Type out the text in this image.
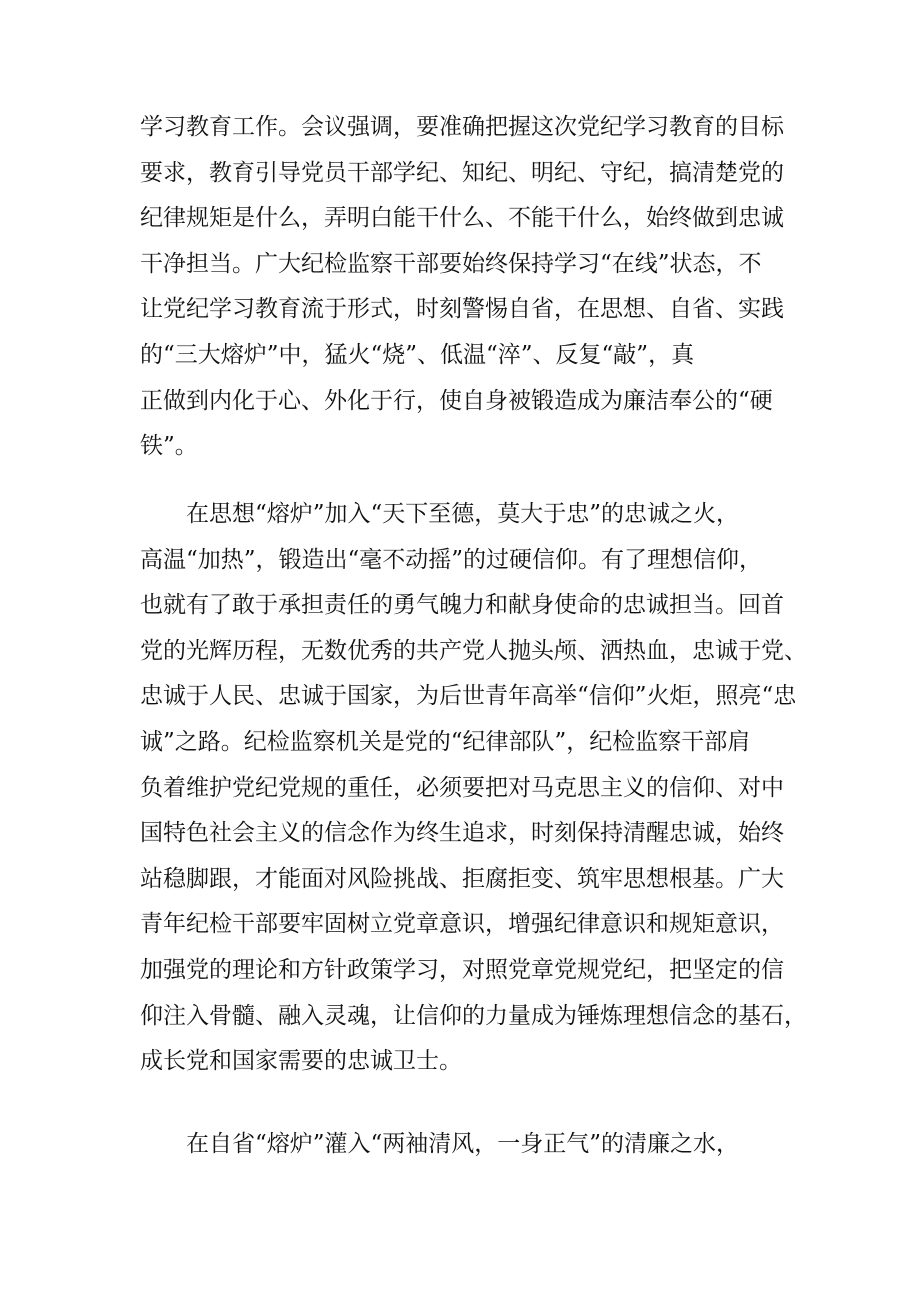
学习教育工作。会议强调，要准确把握这次党纪学习教育的目标
要求，教育引导党员干部学纪、知纪、明纪、守纪，搞清楚党的
纪律规矩是什么，弄明白能干什么、不能干什么，始终做到忠诚
干净担当。广大纪检监察干部要始终保持学习“在线”状态，不
让党纪学习教育流于形式，时刻警惕自省，在思想、自省、实践
的“三大熔炉”中，猛火“烧”、低温“淬”、反复“敲”，真
正做到内化于心、外化于行，使自身被锻造成为廉洁奉公的“硬
铁”。
在思想“熔炉”加入“天下至德，莫大于忠”的忠诚之火，
高温“加热”，锻造出“毫不动摇”的过硬信仰。有了理想信仰，
也就有了敢于承担责任的勇气魄力和献身使命的忠诚担当。回首
党的光辉历程，无数优秀的共产党人抛头颅、洒热血，忠诚于党、
忠诚于人民、忠诚于国家，为后世青年高举“信仰”火炬，照亮“忠
诚”之路。纪检监察机关是党的“纪律部队”，纪检监察干部肩
负着维护党纪党规的重任，必须要把对马克思主义的信仰、对中
国特色社会主义的信念作为终生追求，时刻保持清醒忠诚，始终
站稳脚跟，才能面对风险挑战、拒腐拒变、筑牢思想根基。广大
青年纪检干部要牢固树立党章意识，增强纪律意识和规矩意识，
加强党的理论和方针政策学习，对照党章党规党纪，把坚定的信
仰注入骨髓、融入灵魂，让信仰的力量成为锤炼理想信念的基石，
成长党和国家需要的忠诚卫士。
在自省“熔炉”灌入“两袖清风，一身正气”的清廉之水，
